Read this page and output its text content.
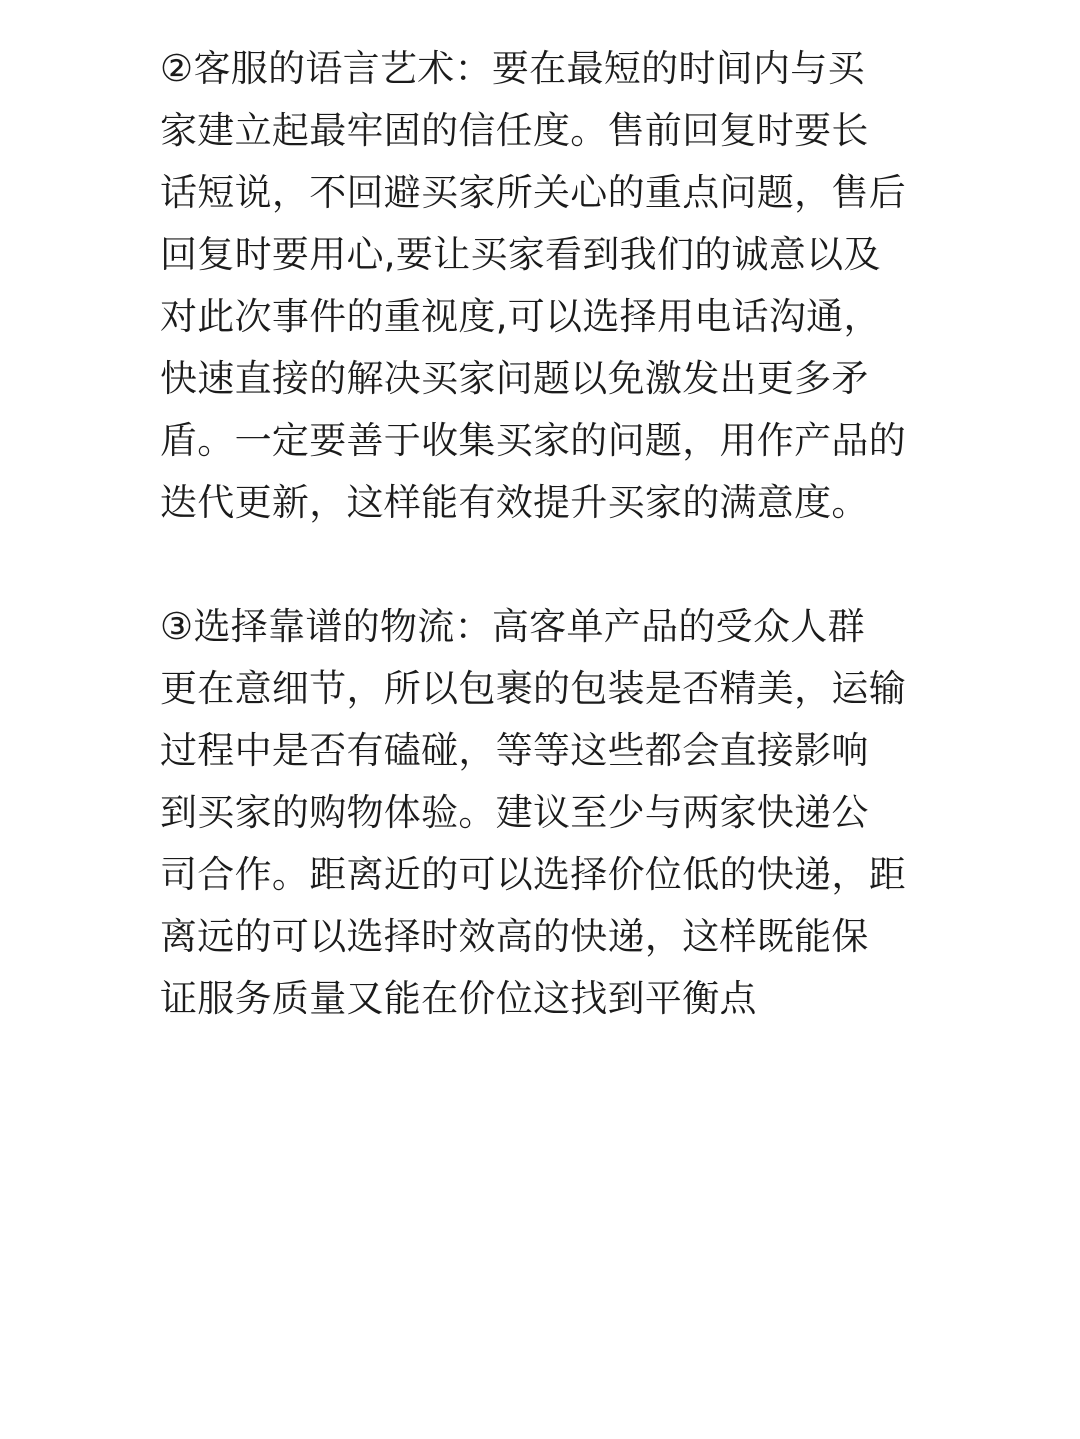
②客服的语言艺术：要在最短的时间内与买
家建立起最牢固的信任度。售前回复时要长
话短说，不回避买家所关心的重点问题，售后
回复时要用心,要让买家看到我们的诚意以及
对此次事件的重视度,可以选择用电话沟通，
快速直接的解决买家问题以免激发出更多矛
盾。一定要善于收集买家的问题，用作产品的
迭代更新，这样能有效提升买家的满意度。

③选择靠谱的物流：高客单产品的受众人群
更在意细节，所以包裹的包装是否精美，运输
过程中是否有磕碰，等等这些都会直接影响
到买家的购物体验。建议至少与两家快递公
司合作。距离近的可以选择价位低的快递，距
离远的可以选择时效高的快递，这样既能保
证服务质量又能在价位这找到平衡点
